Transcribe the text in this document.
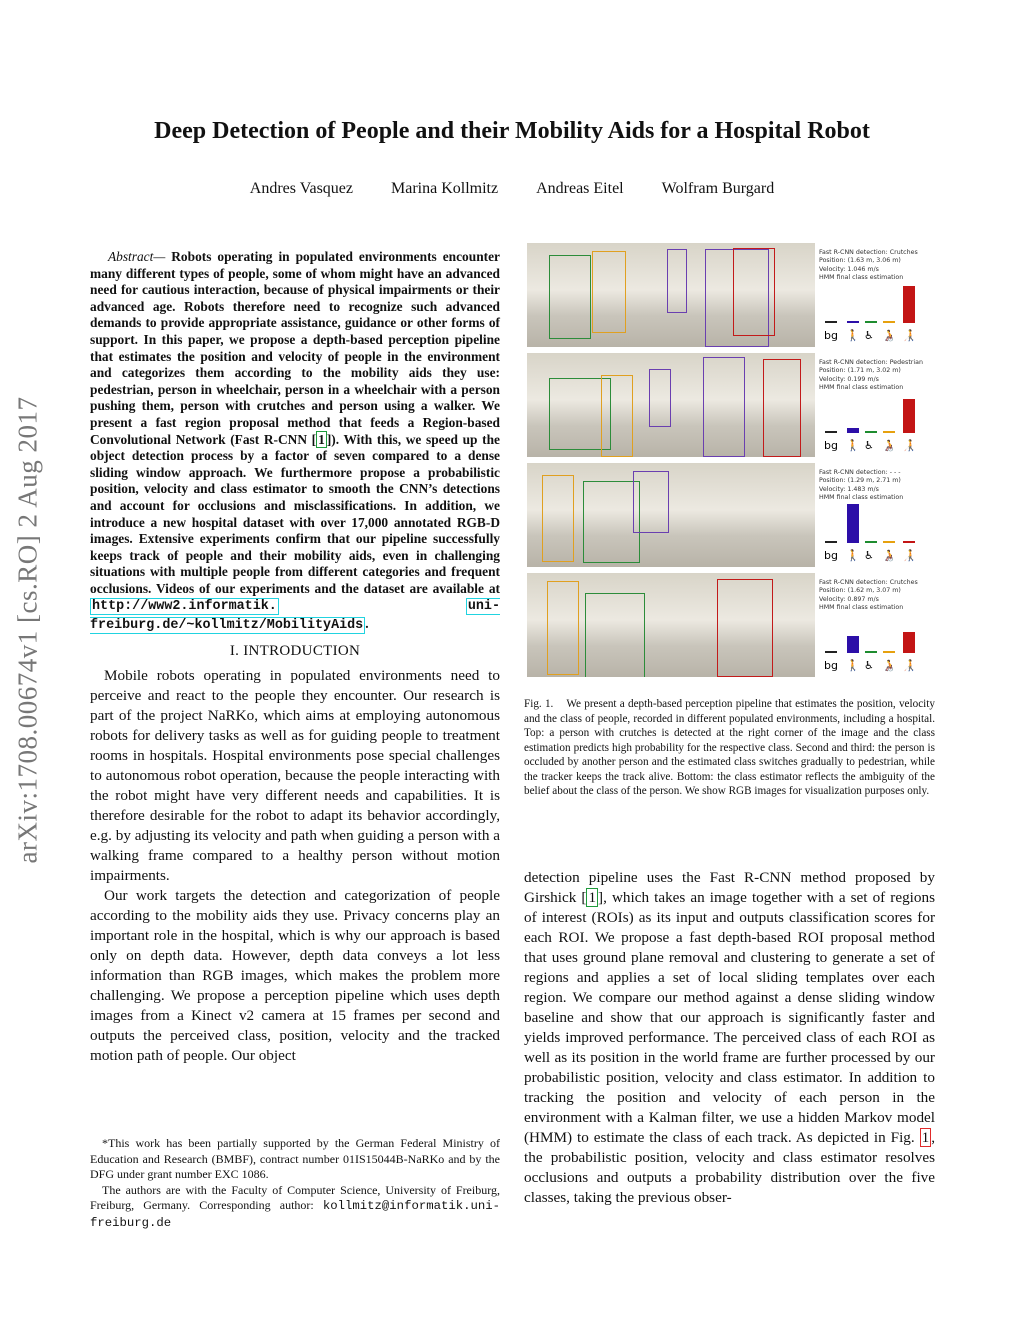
Deep Detection of People and their Mobility Aids for a Hospital Robot
Andres Vasquez Marina Kollmitz Andreas Eitel Wolfram Burgard
arXiv:1708.00674v1 [cs.RO] 2 Aug 2017
Abstract— Robots operating in populated environments encounter many different types of people, some of whom might have an advanced need for cautious interaction, because of physical impairments or their advanced age. Robots therefore need to recognize such advanced demands to provide appropriate assistance, guidance or other forms of support. In this paper, we propose a depth-based perception pipeline that estimates the position and velocity of people in the environment and categorizes them according to the mobility aids they use: pedestrian, person in wheelchair, person in a wheelchair with a person pushing them, person with crutches and person using a walker. We present a fast region proposal method that feeds a Region-based Convolutional Network (Fast R-CNN [ 1 ]). With this, we speed up the object detection process by a factor of seven compared to a dense sliding window approach. We furthermore propose a probabilistic position, velocity and class estimator to smooth the CNN’s detections and account for occlusions and misclassifications. In addition, we introduce a new hospital dataset with over 17,000 annotated RGB-D images. Extensive experiments confirm that our pipeline successfully keeps track of people and their mobility aids, even in challenging situations with multiple people from different categories and frequent occlusions. Videos of our experiments and the dataset are available at http://www2.informatik.	uni-freiburg.de/~kollmitz/MobilityAids .
I. INTRODUCTION

Mobile robots operating in populated environments need to perceive and react to the people they encounter. Our research is part of the project NaRKo, which aims at employing autonomous robots for delivery tasks as well as for guiding people to treatment rooms in hospitals. Hospital environments pose special challenges to autonomous robot operation, because the people interacting with the robot might have very different needs and capabilities. It is therefore desirable for the robot to adapt its behavior accordingly, e.g. by adjusting its velocity and path when guiding a person with a walking frame compared to a healthy person without motion impairments.

Our work targets the detection and categorization of people according to the mobility aids they use. Privacy concerns play an important role in the hospital, which is why our approach is based only on depth data. However, depth data conveys a lot less information than RGB images, which makes the problem more challenging. We propose a perception pipeline which uses depth images from a Kinect v2 camera at 15 frames per second and outputs the perceived class, position, velocity and the tracked motion path of people. Our object

*This work has been partially supported by the German Federal Ministry of Education and Research (BMBF), contract number 01IS15044B-NaRKo and by the DFG under grant number EXC 1086.

The authors are with the Faculty of Computer Science, University of Freiburg, Freiburg, Germany. Corresponding author: kollmitz@informatik.uni-freiburg.de

Fast R-CNN detection: Crutches
Position: (1.63 m, 3.06 m)
Velocity: 1.046 m/s
HMM final class estimation
bg 🚶 ♿ 🧑‍🦽 🧑‍🦯
Fast R-CNN detection: Pedestrian
Position: (1.71 m, 3.02 m)
Velocity: 0.199 m/s
HMM final class estimation
bg 🚶 ♿ 🧑‍🦽 🧑‍🦯
Fast R-CNN detection: - - -
Position: (1.29 m, 2.71 m)
Velocity: 1.483 m/s
HMM final class estimation
bg 🚶 ♿ 🧑‍🦽 🧑‍🦯
Fast R-CNN detection: Crutches
Position: (1.62 m, 3.07 m)
Velocity: 0.897 m/s
HMM final class estimation
bg 🚶 ♿ 🧑‍🦽 🧑‍🦯
Fig. 1. We present a depth-based perception pipeline that estimates the position, velocity and the class of people, recorded in different populated environments, including a hospital. Top: a person with crutches is detected at the right corner of the image and the class estimation predicts high probability for the respective class. Second and third: the person is occluded by another person and the estimated class switches gradually to pedestrian, while the tracker keeps the track alive. Bottom: the class estimator reflects the ambiguity of the belief about the class of the person. We show RGB images for visualization purposes only.

detection pipeline uses the Fast R-CNN method proposed by Girshick [ 1 ], which takes an image together with a set of regions of interest (ROIs) as its input and outputs classification scores for each ROI. We propose a fast depth-based ROI proposal method that uses ground plane removal and clustering to generate a set of regions and applies a set of local sliding templates over each region. We compare our method against a dense sliding window baseline and show that our approach is significantly faster and yields improved performance. The perceived class of each ROI as well as its position in the world frame are further processed by our probabilistic position, velocity and class estimator. In addition to tracking the position and velocity of each person in the environment with a Kalman filter, we use a hidden Markov model (HMM) to estimate the class of each track. As depicted in Fig. 1 , the probabilistic position, velocity and class estimator resolves occlusions and outputs a probability distribution over the five classes, taking the previous obser-
